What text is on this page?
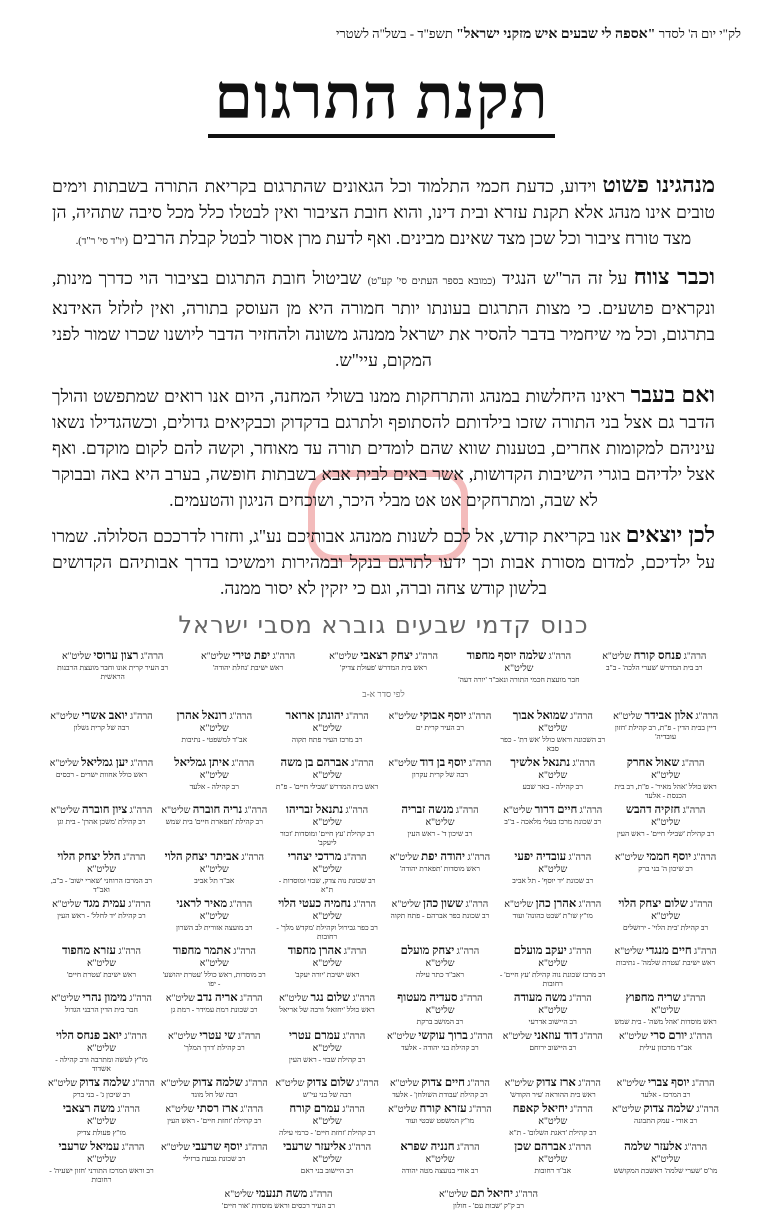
לק"י יום ה' לסדר "אספה לי שבעים איש מזקני ישראל" תשפ"ד - בשל"ה לשטרי
תקנת התרגום
מנהגינו פשוט וידוע, כדעת חכמי התלמוד וכל הגאונים שהתרגום בקריאת התורה בשבתות וימים טובים אינו מנהג אלא תקנת עזרא ובית דינו, והוא חובת הציבור ואין לבטלו כלל מכל סיבה שתהיה, הן מצד טורח ציבור וכל שכן מצד שאינם מבינים. ואף לדעת מרן אסור לבטל קבלת הרבים (יו"ד סי' ר"ד).
וכבר צווח על זה הר"ש הנגיד (כמובא בספר העתים סי' קע"ט) שביטול חובת התרגום בציבור הוי כדרך מינות, ונקראים פושעים. כי מצות התרגום בעונתו יותר חמורה היא מן העוסק בתורה, ואין לזלזל האידנא בתרגום, וכל מי שיחמיר בדבר להסיר את ישראל ממנהג משונה ולהחזיר הדבר ליושנו שכרו שמור לפני המקום, עיי"ש.
ואם בעבר ראינו היחלשות במנהג והתרחקות ממנו בשולי המחנה, היום אנו רואים שמתפשט והולך הדבר גם אצל בני התורה שזכו בילדותם להסתופף ולתרגם בדקדוק וכבקיאים גדולים, וכשהגדילו נשאו עיניהם למקומות אחרים, בטענות שווא שהם לומדים תורה עד מאוחר, וקשה להם לקום מוקדם. ואף אצל ילדיהם בוגרי הישיבות הקדושות, אשר באים לבית אבא בשבתות חופשה, בערב היא באה ובבוקר לא שבה, ומתרחקים אט אט מבלי היכר, ושוכחים הניגון והטעמים.
לכן יוצאים אנו בקריאת קודש, אל לכם לשנות ממנהג אבותיכם נע"ג, וחזרו לדרככם הסלולה. שמרו על ילדיכם, למדום מסורת אבות וכך ידעו לתרגם בנקל ובמהירות וימשיכו בדרך אבותיהם הקדושים בלשון קודש צחה וברה, וגם כי יזקין לא יסור ממנה.
כנוס קדמי שבעים גוברא מסבי ישראל
הרה"ג פנחס קורח שליט"א
רב בית המדרש 'שערי הלכה' - ב"ב
הרה"ג שלמה יוסף מחפוד שליט"א
חבר מועצת חכמי התורה ונאב"ד 'יורה דעה'
הרה"ג יצחק רצאבי שליט"א
ראש בית המדרש 'פעולת צדיק'
הרה"ג יפת טירי שליט"א
ראש ישיבת 'נחלת יהודה'
הרה"ג רצון ערוסי שליט"א
רב העיר קרית אונו וחבר מועצת הרבנות הראשית
לפי סדר א-ב
הרה"ג אלון אבידר שליט"א
דיין בבית הדין - פ"ת, רב קהילת 'חזון עובדיה'
הרה"ג שמואל אבוך שליט"א
רב השכונה וראש כולל 'אש דת' - כפר סבא
הרה"ג יוסף אבוקי שליט"א
רב העיר קרית ים
הרה"ג יהונתן ארואר שליט"א
רב מרכז העיר פתח תקוה
הרה"ג רונאל אהרן שליט"א
אב"ד למשפטי - נתיבות
הרה"ג יואב אשרי שליט"א
רבה של קרית גשלון
הרה"ג שאול אחרק שליט"א
ראש כולל 'אהל מאיר' - פ"ת, רב בית הכנסת - אלעד
הרה"ג נתנאל אלשיך שליט"א
רב קהילה - באר שבע
הרה"ג יוסף בן דוד שליט"א
רבה של קרית עקרון
הרה"ג אברהם בן משה שליט"א
ראש בית המדרש 'שבילי חיים' - פ"ת
הרה"ג איתן גמליאל שליט"א
רב קהילה - אלעד
הרה"ג יען גמליאל שליט"א
ראש כולל אחוות ישרים - רכסים
הרה"ג חזקיה דהבש שליט"א
רב קהילת 'שבילי חיים' - ראש העין
הרה"ג חיים דרור שליט"א
רב שכונת מרכז בעלי מלאכה - ב"ב
הרה"ג מנשה זבריה שליט"א
רב שיכון ד' - ראש העין
הרה"ג נתנאל זבריהו שליט"א
רב קהילת 'עץ חיים' ומוסדות 'זכור ליעקב'
הרה"ג נריה חוברה שליט"א
רב קהילת 'תפארת חיים' בית שמש
הרה"ג ציון חוברה שליט"א
רב קהילת 'משכן אהרן' - בית וגן
הרה"ג יוסף חממי שליט"א
רב שיכון ה' בני ברק
הרה"ג עובדיה יפעי שליט"א
רב שכונת 'יד יוסף' - תל אביב
הרה"ג יהודה יפת שליט"א
ראש מוסדות 'תפארת יהודה'
הרה"ג מרדכי יצהרי שליט"א
רב שכונת נוה צדק, שבזי ומוסדות - ת"א
הרה"ג אביתר יצחק הלוי שליט"א
אב"ד תל אביב
הרה"ג הלל יצחק הלוי שליט"א
רב המרכז הרוחני 'שארי ישוב' - ב"ב, ואב"ד
הרה"ג שלום יצחק הלוי שליט"א
רב קהילת 'בית הלוי' - ירושלים
הרה"ג אהרן כהן שליט"א
מו"ץ שו"ת 'שבט כהונה' ועוד
הרה"ג ששון כהן שליט"א
רב שכונת כפר אברהם - פתח תקוה
הרה"ג נחמיה כעטי הלוי שליט"א
רב כפר גבירול וקהילת 'מקדש מלך' - רחובות
הרה"ג מאיר לראני שליט"א
רב מועצה אזורית לב השרון
הרה"ג עמית מגד שליט"א
רב קהילת 'יד לחלל' - ראש העין
הרה"ג חיים מנגדי שליט"א
ראש ישיבת 'עטרת שלמה' - נתיבות
הרה"ג יעקב מועלם שליט"א
רב מרכז שכונת נוה קהילת 'עץ חיים' - רחובות
הרה"ג יצחק מועלם שליט"א
ראב"ד כתר עילה
הרה"ג אהרן מחפוד שליט"א
ראש ישיבת 'יורה יעקב'
הרה"ג אתמר מחפוד שליט"א
רב מוסדות, ראש כולל 'עטרת יהושע' - יפו
הרה"ג עזרא מחפוד שליט"א
ראש ישיבת 'עטרת חיים'
הרה"ג שריה מחפוץ שליט"א
ראש מוסדות 'אהל משה' - בית שמש
הרה"ג משה מעודה שליט"א
רב היישוב אדרעי
הרה"ג סעדיה מעטוף שליט"א
רב המושב ברקת
הרה"ג שלום נגר שליט"א
ראש כולל 'יחזאל' ורבה של אריאל
הרה"ג אריה נדב שליט"א
רב שכונת רמת עמידר - רמת גן
הרה"ג מימון נהרי שליט"א
חבר בית הדין הרבני הגדול
הרה"ג יורם סרי שליט"א
אב"ד מרכזון עילית
הרה"ג דוד עוזאני שליט"א
רב היישוב ירוחם
הרה"ג ברוך עוקשי שליט"א
רב קהילת בני יהודה - אלעד
הרה"ג עמרם עטרי שליט"א
רב קהילת שבזי - ראש העין
הרה"ג שי עטרי שליט"א
רב קהילת 'דרך המלך'
הרה"ג יואב פנחס הלוי שליט"א
מו"ץ לעשה ומתרבה ורב קהילה - אשדוד
הרה"ג יוסף צברי שליט"א
רב המרכז - אלעד
הרה"ג ארז צדוק שליט"א
ראש בית ההוראה 'עיר הקודש'
הרה"ג חיים צדוק שליט"א
רב קהילת 'עבודת השולחן' - אלעד
הרה"ג שלום צדוק שליט"א
רבה של בני עי"ש
הרה"ג שלמה צדוק שליט"א
רבה של חל מונד
הרה"ג שלמה צדוק שליט"א
רב שיכון ג' - בני ברק
הרה"ג שלמה צדוק שליט"א
רב אודי - עמק התבונה
הרה"ג יחיאל קאפח שליט"א
רב קהילת 'דאגת השלום' - ת"א
הרה"ג עזרא קורח שליט"א
מו"ץ המשפט שבטי ועוד
הרה"ג עמרם קורח שליט"א
רב קהילת 'זחזת חיים' - כרמי עילה
הרה"ג ארז רסתי שליט"א
רב קהילת 'זחזת חיים' - ראש העין
הרה"ג משה רצאבי שליט"א
מו"ץ פעולת צדיק
הרה"ג אלעזר שלמה שליט"א
מו"ס 'שערי שלמה' ראשבת המקושש
הרה"ג אברהם שכן שליט"א
אב"ד רחובות
הרה"ג חנניה שפרא שליט"א
רב אודי בנועצה מטה יהודה
הרה"ג אליעזר שרעבי שליט"א
רב היישוב בני ראם
הרה"ג יוסף שרעבי שליט"א
רב שכונת גבעת ברזילי
הרה"ג עמיאל שרעבי שליט"א
רב וראש המרכז התורני 'חזון ישעיה' - רחובות
הרה"ג יחיאל תם שליט"א
רב ק"ק 'שבות עם' - חולון
הרה"ג משה תנעמי שליט"א
רב העיר רכסים וראש מוסדות 'אור חיים'
